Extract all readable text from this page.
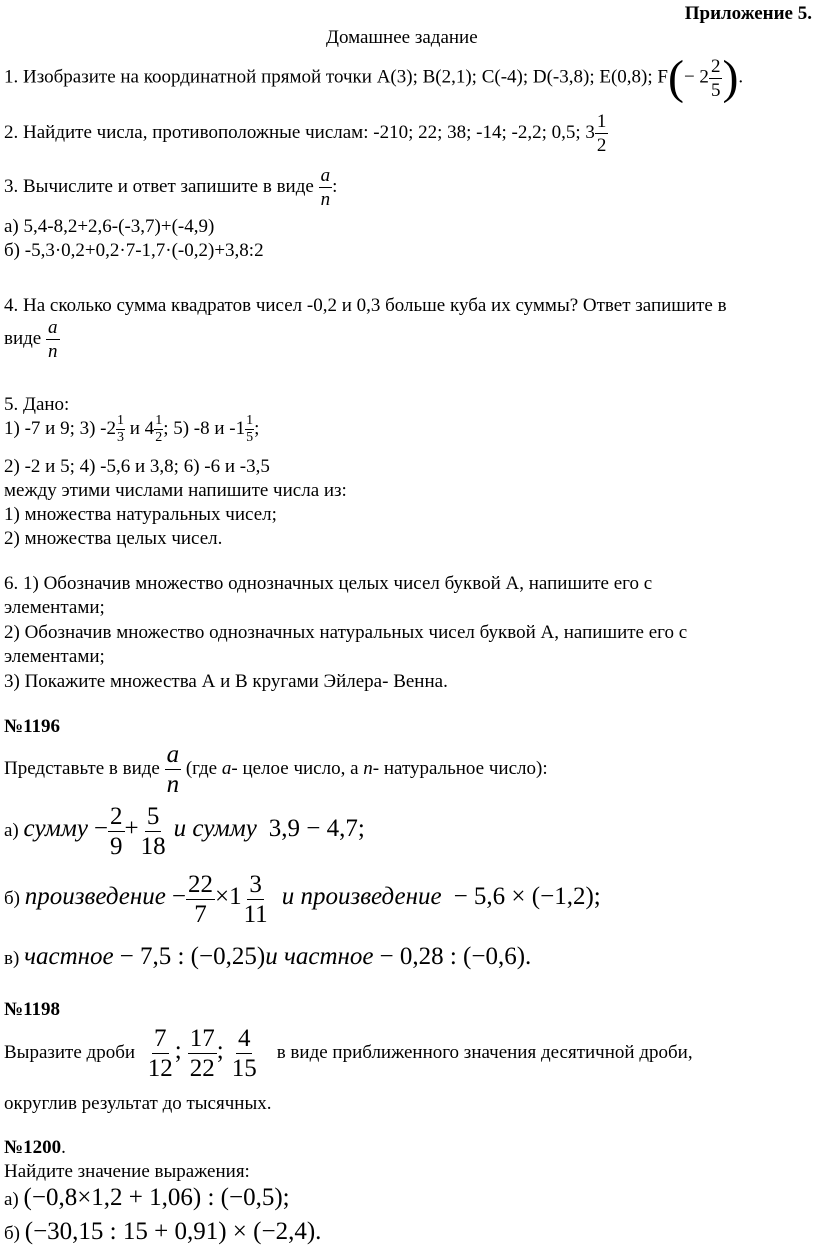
Приложение 5.
Домашнее задание
1. Изобразите на координатной прямой точки A(3); B(2,1); C(-4); D(-3,8); E(0,8); $F(- 2 \frac{2}{5}$ ).
2. Найдите числа, противоположные числам: -210; 22; 38; -14; -2,2; 0,5; $3 \frac{1}{2}$
3. Вычислите и ответ запишите в виде $\frac{a}{n}$ :
а) 5,4-8,2+2,6-(-3,7)+(-4,9)
б) -5,3·0,2+0,2·7-1,7·(-0,2)+3,8:2
4. На сколько сумма квадратов чисел -0,2 и 0,3 больше куба их суммы? Ответ запишите в
виде $\frac{a}{n}$
5. Дано:
1) -7 и 9; 3) $-2 \frac{1}{3}$ и $4 \frac{1}{2}$ ; 5) -8 и $-1 \frac{1}{5}$ ;
2) -2 и 5; 4) -5,6 и 3,8; 6) -6 и -3,5
между этими числами напишите числа из:
1) множества натуральных чисел;
2) множества целых чисел.
6. 1) Обозначив множество однозначных целых чисел буквой А, напишите его с
элементами;
2) Обозначив множество однозначных натуральных чисел буквой А, напишите его с
элементами;
3) Покажите множества А и В кругами Эйлера- Венна.
№1196
Представьте в виде $\frac{a}{n} (где$ a- целое число, а n- натуральное число):
а) сумму − $\frac{2}{9} + \frac{5}{18}$ и сумму 3,9 − 4,7;
б) произведение − $\frac{22}{7} \times 1 \frac{3}{11}$ и произведение − 5,6 × (−1,2);
в) частное − 7,5 : (−0,25)и частное − 0,28 : (−0,6).
№1198
Выразите дроби $\frac{7}{12}$ ; $\frac{17}{22}$ ; $\frac{4}{15}$ в виде приближенного значения десятичной дроби,
округлив результат до тысячных.
№1200.
Найдите значение выражения:
а) (−0,8×1,2 + 1,06) : (−0,5);
б) (−30,15 : 15 + 0,91) × (−2,4).
